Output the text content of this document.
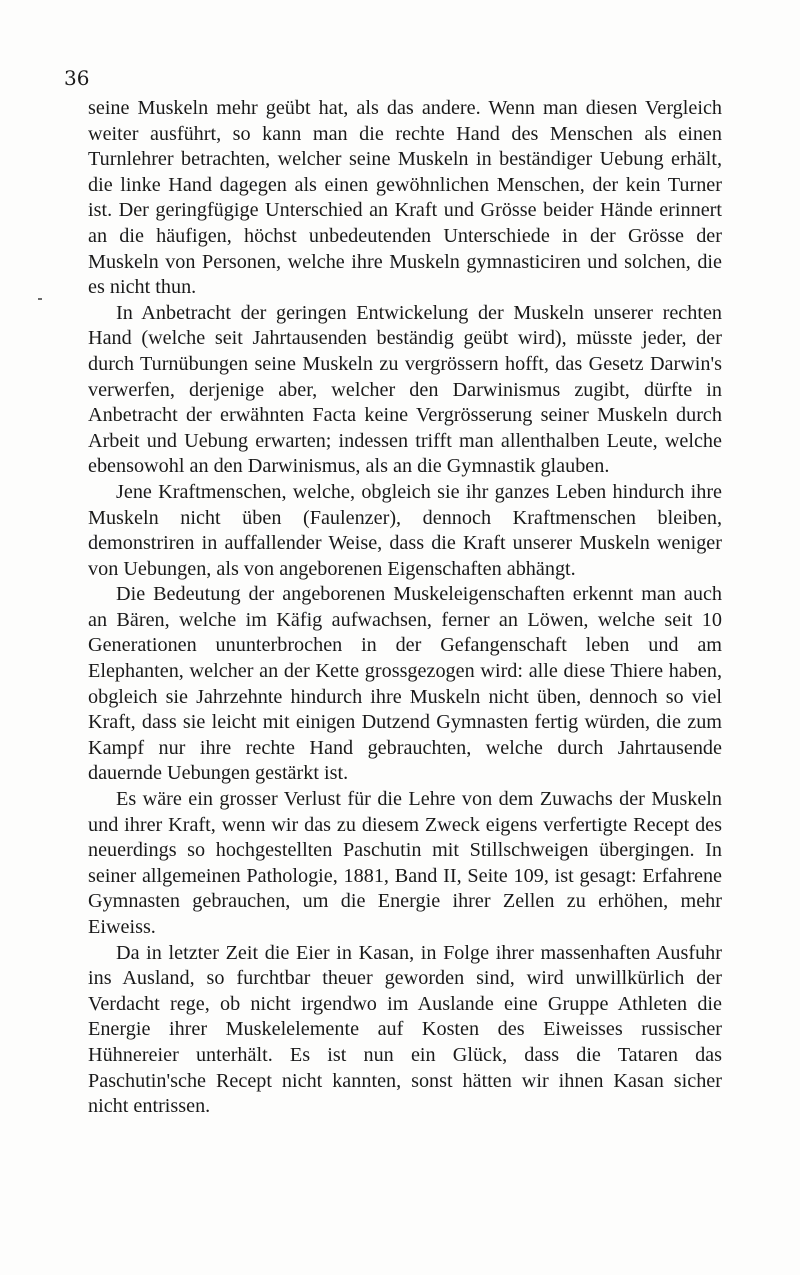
36

seine Muskeln mehr geübt hat, als das andere. Wenn man diesen Vergleich weiter ausführt, so kann man die rechte Hand des Menschen als einen Turnlehrer betrachten, welcher seine Muskeln in beständiger Uebung erhält, die linke Hand dagegen als einen gewöhnlichen Menschen, der kein Turner ist. Der geringfügige Unterschied an Kraft und Grösse beider Hände erinnert an die häufigen, höchst unbedeutenden Unterschiede in der Grösse der Muskeln von Personen, welche ihre Muskeln gymnasticiren und solchen, die es nicht thun.

In Anbetracht der geringen Entwickelung der Muskeln unserer rechten Hand (welche seit Jahrtausenden beständig geübt wird), müsste jeder, der durch Turnübungen seine Muskeln zu vergrössern hofft, das Gesetz Darwin's verwerfen, derjenige aber, welcher den Darwinismus zugibt, dürfte in Anbetracht der erwähnten Facta keine Vergrösserung seiner Muskeln durch Arbeit und Uebung erwarten; indessen trifft man allenthalben Leute, welche ebensowohl an den Darwinismus, als an die Gymnastik glauben.

Jene Kraftmenschen, welche, obgleich sie ihr ganzes Leben hindurch ihre Muskeln nicht üben (Faulenzer), dennoch Kraftmenschen bleiben, demonstriren in auffallender Weise, dass die Kraft unserer Muskeln weniger von Uebungen, als von angeborenen Eigenschaften abhängt.

Die Bedeutung der angeborenen Muskeleigenschaften erkennt man auch an Bären, welche im Käfig aufwachsen, ferner an Löwen, welche seit 10 Generationen ununterbrochen in der Gefangenschaft leben und am Elephanten, welcher an der Kette grossgezogen wird: alle diese Thiere haben, obgleich sie Jahrzehnte hindurch ihre Muskeln nicht üben, dennoch so viel Kraft, dass sie leicht mit einigen Dutzend Gymnasten fertig würden, die zum Kampf nur ihre rechte Hand gebrauchten, welche durch Jahrtausende dauernde Uebungen gestärkt ist.

Es wäre ein grosser Verlust für die Lehre von dem Zuwachs der Muskeln und ihrer Kraft, wenn wir das zu diesem Zweck eigens verfertigte Recept des neuerdings so hochgestellten Paschutin mit Stillschweigen übergingen. In seiner allgemeinen Pathologie, 1881, Band II, Seite 109, ist gesagt: Erfahrene Gymnasten gebrauchen, um die Energie ihrer Zellen zu erhöhen, mehr Eiweiss.

Da in letzter Zeit die Eier in Kasan, in Folge ihrer massenhaften Ausfuhr ins Ausland, so furchtbar theuer geworden sind, wird unwillkürlich der Verdacht rege, ob nicht irgendwo im Auslande eine Gruppe Athleten die Energie ihrer Muskelelemente auf Kosten des Eiweisses russischer Hühnereier unterhält. Es ist nun ein Glück, dass die Tataren das Paschutin'sche Recept nicht kannten, sonst hätten wir ihnen Kasan sicher nicht entrissen.
